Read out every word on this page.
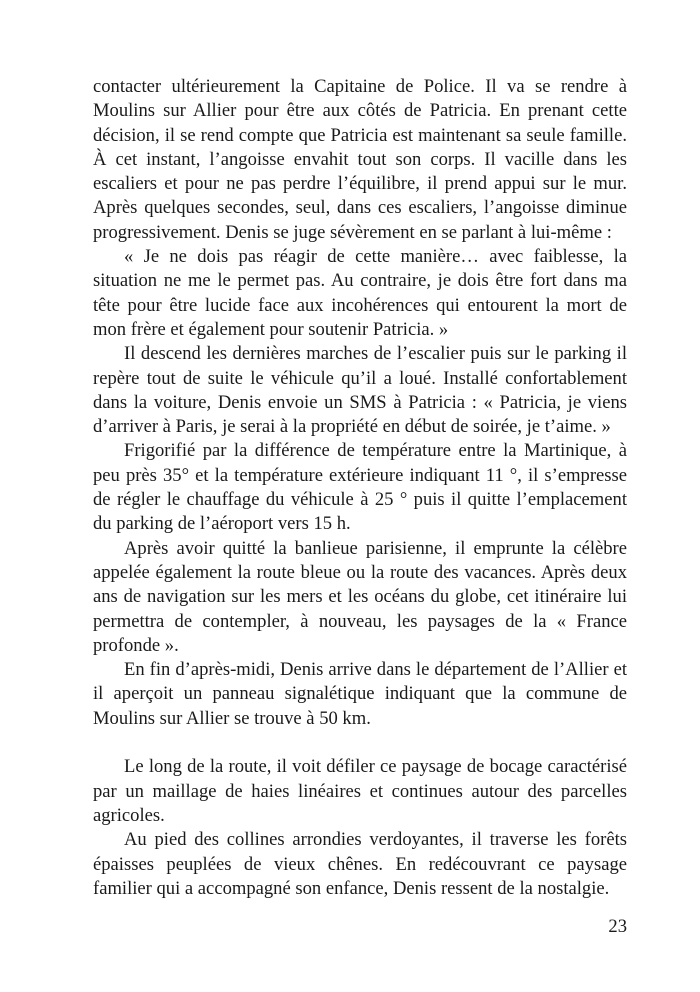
contacter ultérieurement la Capitaine de Police. Il va se rendre à
Moulins sur Allier pour être aux côtés de Patricia. En prenant cette
décision, il se rend compte que Patricia est maintenant sa seule famille.
À cet instant, l’angoisse envahit tout son corps. Il vacille dans les
escaliers et pour ne pas perdre l’équilibre, il prend appui sur le mur.
Après quelques secondes, seul, dans ces escaliers, l’angoisse diminue
progressivement. Denis se juge sévèrement en se parlant à lui-même :
« Je ne dois pas réagir de cette manière… avec faiblesse, la
situation ne me le permet pas. Au contraire, je dois être fort dans ma
tête pour être lucide face aux incohérences qui entourent la mort de
mon frère et également pour soutenir Patricia. »
Il descend les dernières marches de l’escalier puis sur le parking il
repère tout de suite le véhicule qu’il a loué. Installé confortablement
dans la voiture, Denis envoie un SMS à Patricia : « Patricia, je viens
d’arriver à Paris, je serai à la propriété en début de soirée, je t’aime. »
Frigorifié par la différence de température entre la Martinique, à
peu près 35° et la température extérieure indiquant 11 °, il s’empresse
de régler le chauffage du véhicule à 25 ° puis il quitte l’emplacement
du parking de l’aéroport vers 15 h.
Après avoir quitté la banlieue parisienne, il emprunte la célèbre
appelée également la route bleue ou la route des vacances. Après deux
ans de navigation sur les mers et les océans du globe, cet itinéraire lui
permettra de contempler, à nouveau, les paysages de la « France
profonde ».
En fin d’après-midi, Denis arrive dans le département de l’Allier et
il aperçoit un panneau signalétique indiquant que la commune de
Moulins sur Allier se trouve à 50 km.
Le long de la route, il voit défiler ce paysage de bocage caractérisé
par un maillage de haies linéaires et continues autour des parcelles
agricoles.
Au pied des collines arrondies verdoyantes, il traverse les forêts
épaisses peuplées de vieux chênes. En redécouvrant ce paysage
familier qui a accompagné son enfance, Denis ressent de la nostalgie.
23
